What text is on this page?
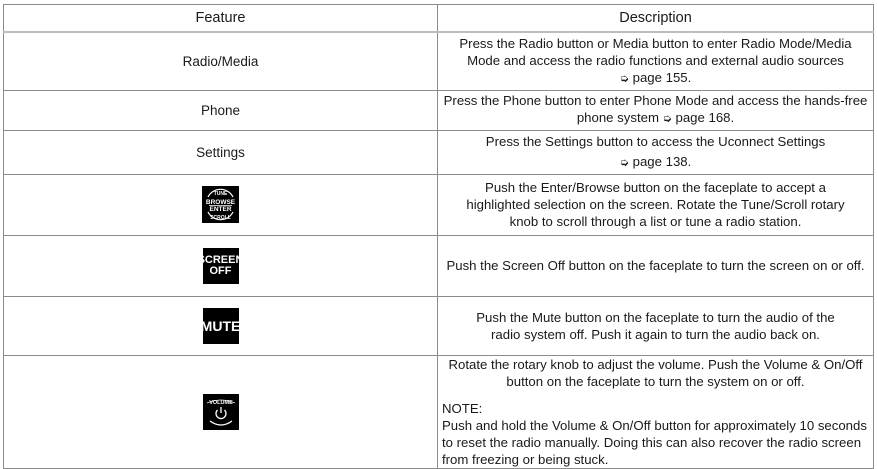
Feature	Description
Radio/Media	Press the Radio button or Media button to enter Radio Mode/Media
Mode and access the radio functions and external audio sources
➭ page 155.

Phone	Press the Phone button to enter Phone Mode and access the hands-free
phone system ➭ page 168.

Settings	Press the Settings button to access the Uconnect Settings
➭ page 138.

TUNE
BROWSE
ENTER
SCROLL	Push the Enter/Browse button on the faceplate to accept a highlighted selection on the screen. Rotate the Tune/Scroll rotary knob to scroll through a list or tune a radio station.

SCREEN
OFF	Push the Screen Off button on the faceplate to turn the screen on or off.

MUTE	Push the Mute button on the faceplate to turn the audio of the radio system off. Push it again to turn the audio back on.

VOLUME	Rotate the rotary knob to adjust the volume. Push the Volume & On/Off button on the faceplate to turn the system on or off.
NOTE:
Push and hold the Volume & On/Off button for approximately 10 seconds to reset the radio manually. Doing this can also recover the radio screen from freezing or being stuck.
